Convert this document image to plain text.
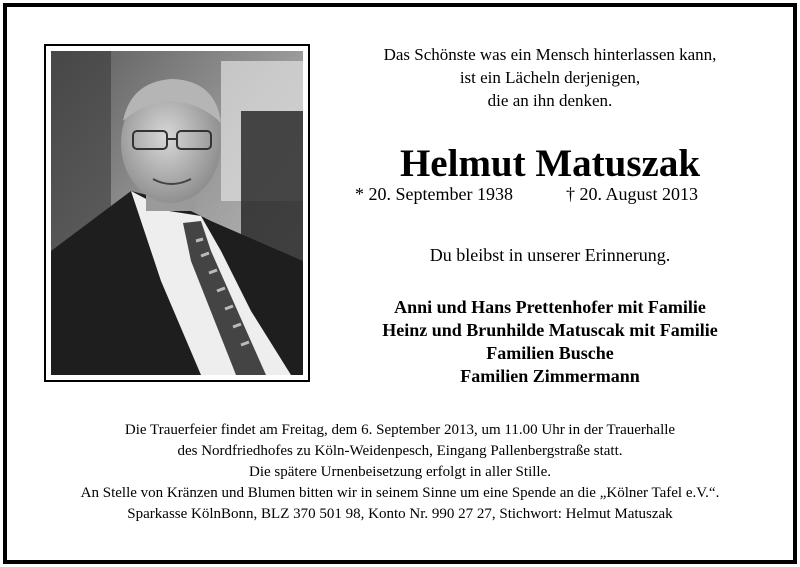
Das Schönste was ein Mensch hinterlassen kann,
ist ein Lächeln derjenigen,
die an ihn denken.
Helmut Matuszak
* 20. September 1938	† 20. August 2013
Du bleibst in unserer Erinnerung.
Anni und Hans Prettenhofer mit Familie
Heinz und Brunhilde Matuscak mit Familie
Familien Busche
Familien Zimmermann
Die Trauerfeier findet am Freitag, dem 6. September 2013, um 11.00 Uhr in der Trauerhalle
des Nordfriedhofes zu Köln-Weidenpesch, Eingang Pallenbergstraße statt.
Die spätere Urnenbeisetzung erfolgt in aller Stille.
An Stelle von Kränzen und Blumen bitten wir in seinem Sinne um eine Spende an die „Kölner Tafel e.V.“.
Sparkasse KölnBonn, BLZ 370 501 98, Konto Nr. 990 27 27, Stichwort: Helmut Matuszak
